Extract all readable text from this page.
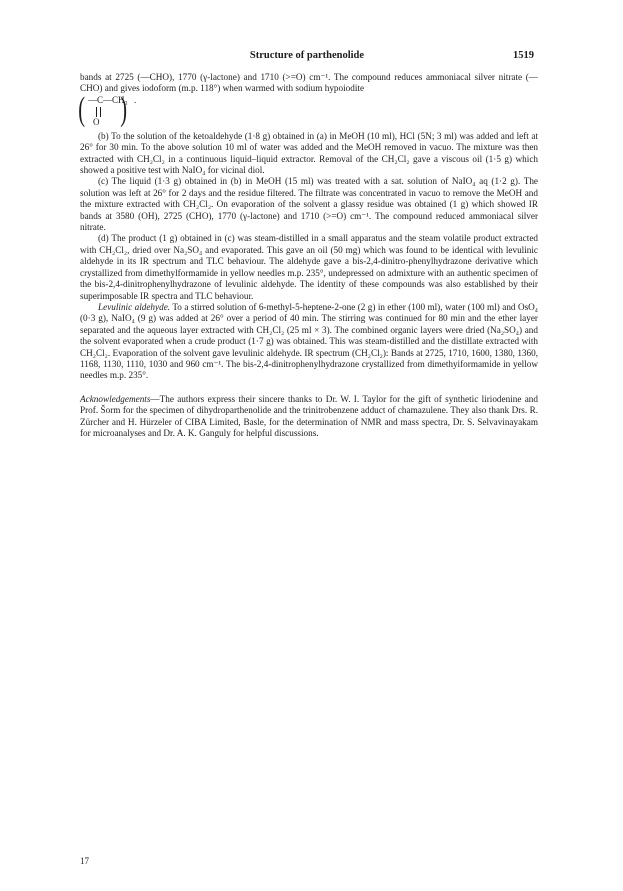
Structure of parthenolide	1519

bands at 2725 (—CHO), 1770 (γ-lactone) and 1710 (>=O) cm⁻¹. The compound reduces ammoniacal silver nitrate (—CHO) and gives iodoform (m.p. 118°) when warmed with sodium hypoiodite

( —C—CH₃
O ) .

(b) To the solution of the ketoaldehyde (1·8 g) obtained in (a) in MeOH (10 ml), HCl (5N; 3 ml) was added and left at 26° for 30 min. To the above solution 10 ml of water was added and the MeOH removed in vacuo. The mixture was then extracted with CH₂Cl₂ in a continuous liquid–liquid extractor. Removal of the CH₂Cl₂ gave a viscous oil (1·5 g) which showed a positive test with NaIO₄ for vicinal diol.

(c) The liquid (1·3 g) obtained in (b) in MeOH (15 ml) was treated with a sat. solution of NaIO₄ aq (1·2 g). The solution was left at 26° for 2 days and the residue filtered. The filtrate was concentrated in vacuo to remove the MeOH and the mixture extracted with CH₂Cl₂. On evaporation of the solvent a glassy residue was obtained (1 g) which showed IR bands at 3580 (OH), 2725 (CHO), 1770 (γ-lactone) and 1710 (>=O) cm⁻¹. The compound reduced ammoniacal silver nitrate.

(d) The product (1 g) obtained in (c) was steam-distilled in a small apparatus and the steam volatile product extracted with CH₂Cl₂, dried over Na₂SO₄ and evaporated. This gave an oil (50 mg) which was found to be identical with levulinic aldehyde in its IR spectrum and TLC behaviour. The aldehyde gave a bis-2,4-dinitro-phenylhydrazone derivative which crystallized from dimethylformamide in yellow needles m.p. 235°, undepressed on admixture with an authentic specimen of the bis-2,4-dinitrophenylhydrazone of levulinic aldehyde. The identity of these compounds was also established by their superimposable IR spectra and TLC behaviour.

Levulinic aldehyde. To a stirred solution of 6-methyl-5-heptene-2-one (2 g) in ether (100 ml), water (100 ml) and OsO₄ (0·3 g), NaIO₄ (9 g) was added at 26° over a period of 40 min. The stirring was continued for 80 min and the ether layer separated and the aqueous layer extracted with CH₂Cl₂ (25 ml × 3). The combined organic layers were dried (Na₂SO₄) and the solvent evaporated when a crude product (1·7 g) was obtained. This was steam-distilled and the distillate extracted with CH₂Cl₂. Evaporation of the solvent gave levulinic aldehyde. IR spectrum (CH₂Cl₂): Bands at 2725, 1710, 1600, 1380, 1360, 1168, 1130, 1110, 1030 and 960 cm⁻¹. The bis-2,4-dinitrophenylhydrazone crystallized from dimethyiformamide in yellow needles m.p. 235°.

Acknowledgements—The authors express their sincere thanks to Dr. W. I. Taylor for the gift of synthetic liriodenine and Prof. Šorm for the specimen of dihydroparthenolide and the trinitrobenzene adduct of chamazulene. They also thank Drs. R. Zürcher and H. Hürzeler of CIBA Limited, Basle, for the determination of NMR and mass spectra, Dr. S. Selvavinayakam for microanalyses and Dr. A. K. Ganguly for helpful discussions.

17
